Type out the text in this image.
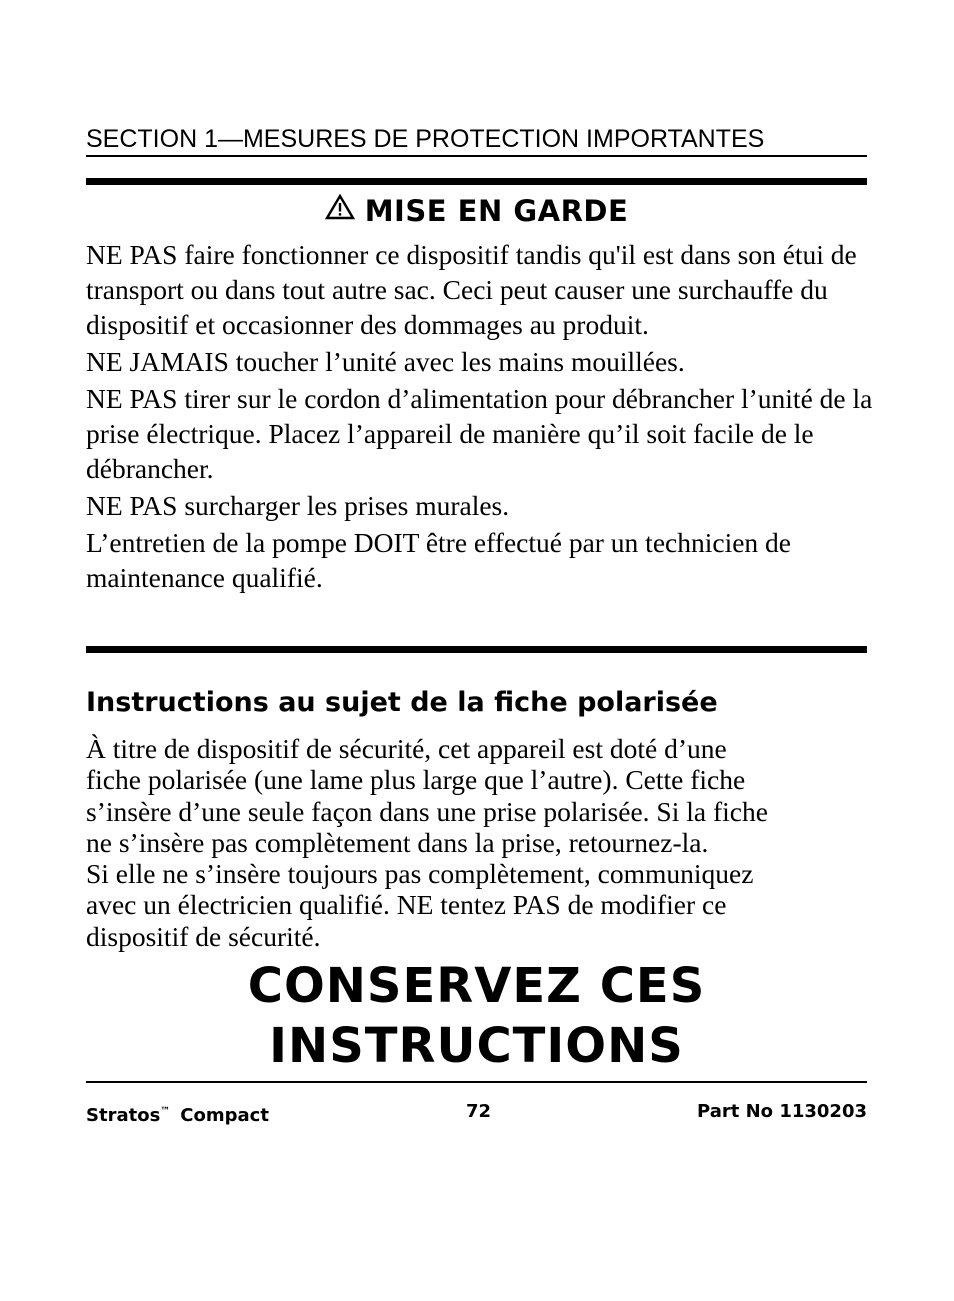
SECTION 1—MESURES DE PROTECTION IMPORTANTES
MISE EN GARDE

NE PAS faire fonctionner ce dispositif tandis qu'il est dans son étui de transport ou dans tout autre sac. Ceci peut causer une surchauffe du dispositif et occasionner des dommages au produit.

NE JAMAIS toucher l’unité avec les mains mouillées.

NE PAS tirer sur le cordon d’alimentation pour débrancher l’unité de la prise électrique. Placez l’appareil de manière qu’il soit facile de le débrancher.

NE PAS surcharger les prises murales.

L’entretien de la pompe DOIT être effectué par un technicien de maintenance qualifié.

Instructions au sujet de la fiche polarisée

À titre de dispositif de sécurité, cet appareil est doté d’une

fiche polarisée (une lame plus large que l’autre). Cette fiche

s’insère d’une seule façon dans une prise polarisée. Si la fiche

ne s’insère pas complètement dans la prise, retournez-la.

Si elle ne s’insère toujours pas complètement, communiquez

avec un électricien qualifié. NE tentez PAS de modifier ce

dispositif de sécurité.

CONSERVEZ CES
INSTRUCTIONS
Stratos™ Compact	72	Part No 1130203
